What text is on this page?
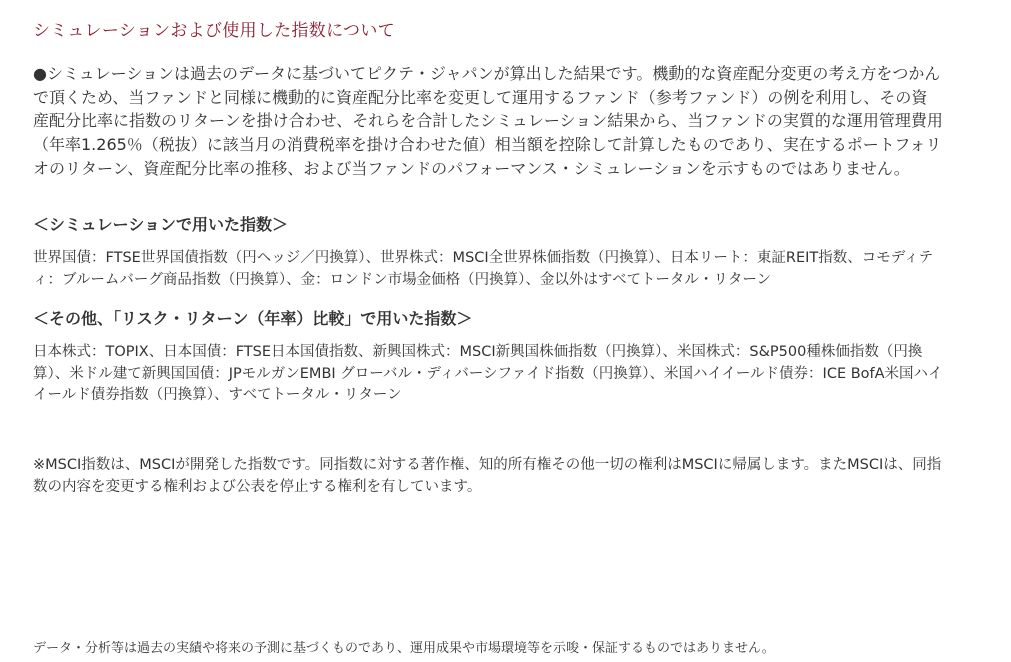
シミュレーションおよび使用した指数について

●シミュレーションは過去のデータに基づいてピクテ・ジャパンが算出した結果です。機動的な資産配分変更の考え方をつかんで頂くため、当ファンドと同様に機動的に資産配分比率を変更して運用するファンド（参考ファンド）の例を利用し、その資産配分比率に指数のリターンを掛け合わせ、それらを合計したシミュレーション結果から、当ファンドの実質的な運用管理費用（年率1.265％（税抜）に該当月の消費税率を掛け合わせた値）相当額を控除して計算したものであり、実在するポートフォリオのリターン、資産配分比率の推移、および当ファンドのパフォーマンス・シミュレーションを示すものではありません。

＜シミュレーションで用いた指数＞

世界国債：FTSE世界国債指数（円ヘッジ／円換算）、世界株式：MSCI全世界株価指数（円換算）、日本リート：東証REIT指数、コモディティ：ブルームバーグ商品指数（円換算）、金：ロンドン市場金価格（円換算）、金以外はすべてトータル・リターン

＜その他、「リスク・リターン（年率）比較」で用いた指数＞

日本株式：TOPIX、日本国債：FTSE日本国債指数、新興国株式：MSCI新興国株価指数（円換算）、米国株式：S&P500種株価指数（円換算）、米ドル建て新興国国債：JPモルガンEMBI グローバル・ディバーシファイド指数（円換算）、米国ハイイールド債券：ICE BofA米国ハイイールド債券指数（円換算）、すべてトータル・リターン

※MSCI指数は、MSCIが開発した指数です。同指数に対する著作権、知的所有権その他一切の権利はMSCIに帰属します。またMSCIは、同指数の内容を変更する権利および公表を停止する権利を有しています。

データ・分析等は過去の実績や将来の予測に基づくものであり、運用成果や市場環境等を示唆・保証するものではありません。
